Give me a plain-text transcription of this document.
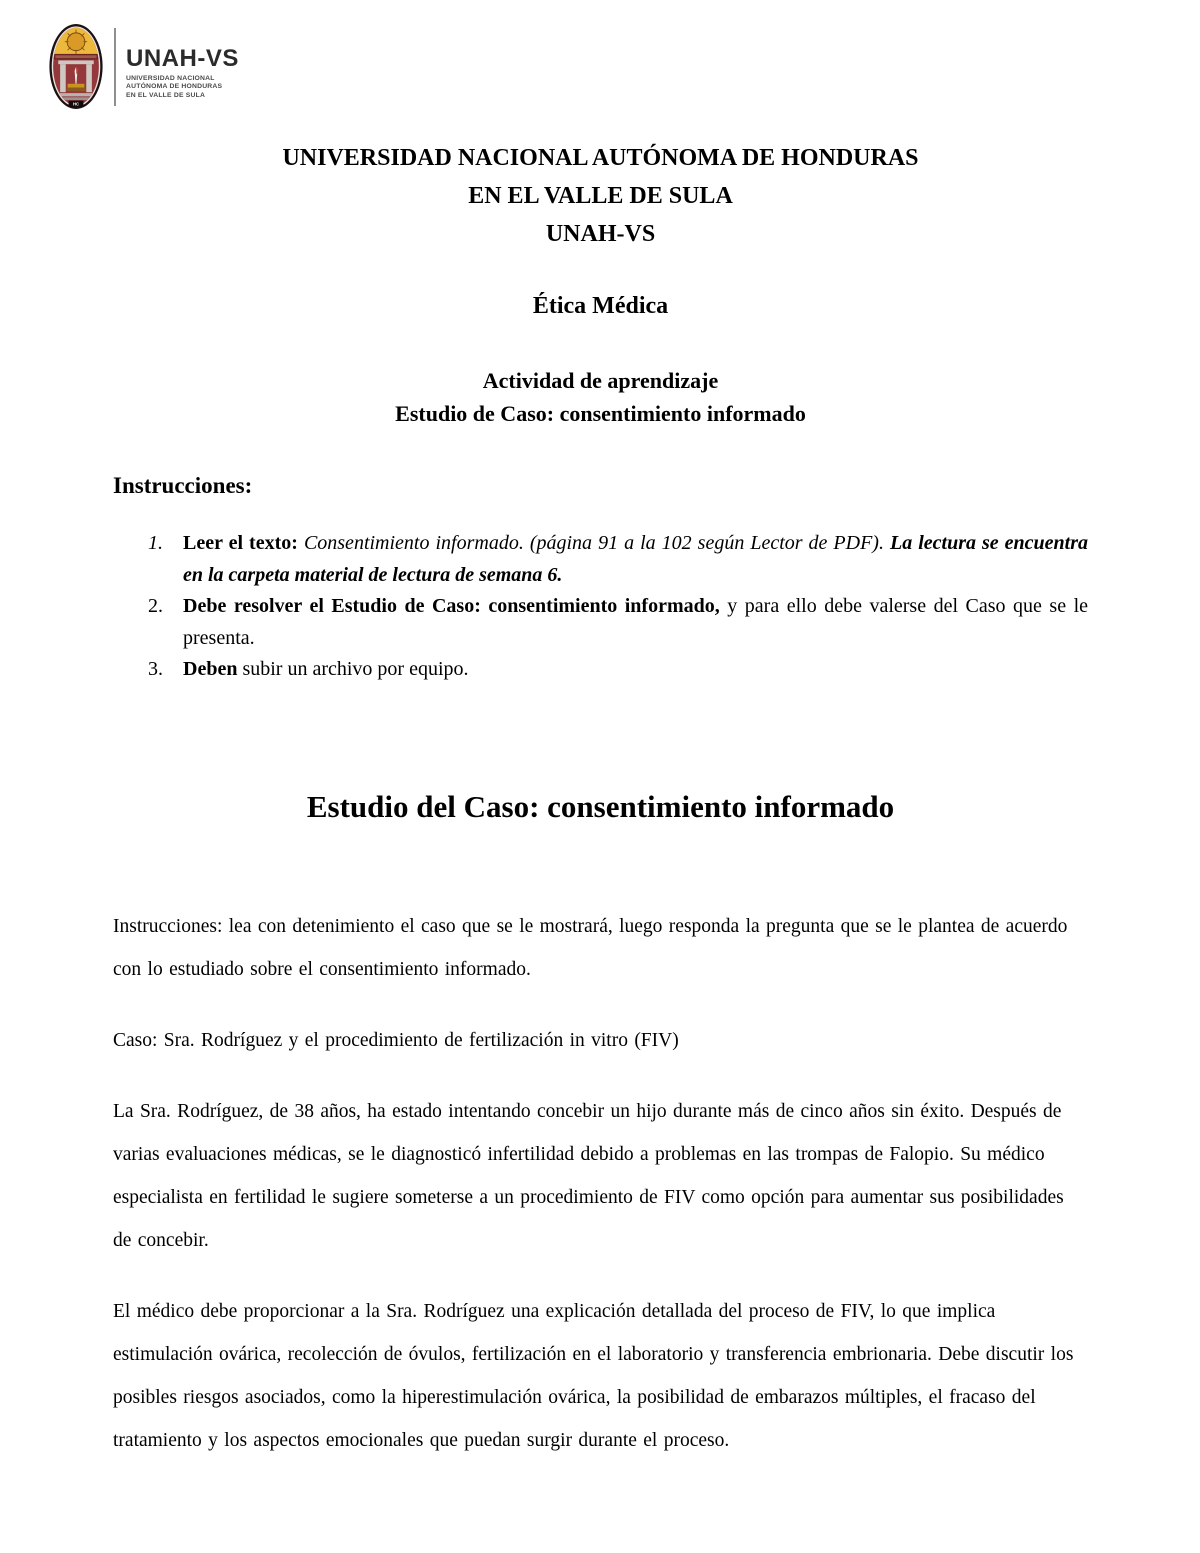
HC
UNAH-VS
UNIVERSIDAD NACIONAL
AUTÓNOMA DE HONDURAS
EN EL VALLE DE SULA
UNIVERSIDAD NACIONAL AUTÓNOMA DE HONDURAS
EN EL VALLE DE SULA
UNAH-VS
Ética Médica
Actividad de aprendizaje
Estudio de Caso: consentimiento informado
Instrucciones:
1.	Leer el texto: Consentimiento informado. (página 91 a la 102 según Lector de PDF). La lectura se encuentra en la carpeta material de lectura de semana 6.
2.	Debe resolver el Estudio de Caso: consentimiento informado, y para ello debe valerse del Caso que se le presenta.
3.	Deben subir un archivo por equipo.
Estudio del Caso: consentimiento informado

Instrucciones: lea con detenimiento el caso que se le mostrará, luego responda la pregunta que se le plantea de acuerdo con lo estudiado sobre el consentimiento informado.

Caso: Sra. Rodríguez y el procedimiento de fertilización in vitro (FIV)

La Sra. Rodríguez, de 38 años, ha estado intentando concebir un hijo durante más de cinco años sin éxito. Después de varias evaluaciones médicas, se le diagnosticó infertilidad debido a problemas en las trompas de Falopio. Su médico especialista en fertilidad le sugiere someterse a un procedimiento de FIV como opción para aumentar sus posibilidades de concebir.

El médico debe proporcionar a la Sra. Rodríguez una explicación detallada del proceso de FIV, lo que implica estimulación ovárica, recolección de óvulos, fertilización en el laboratorio y transferencia embrionaria. Debe discutir los posibles riesgos asociados, como la hiperestimulación ovárica, la posibilidad de embarazos múltiples, el fracaso del tratamiento y los aspectos emocionales que puedan surgir durante el proceso.
